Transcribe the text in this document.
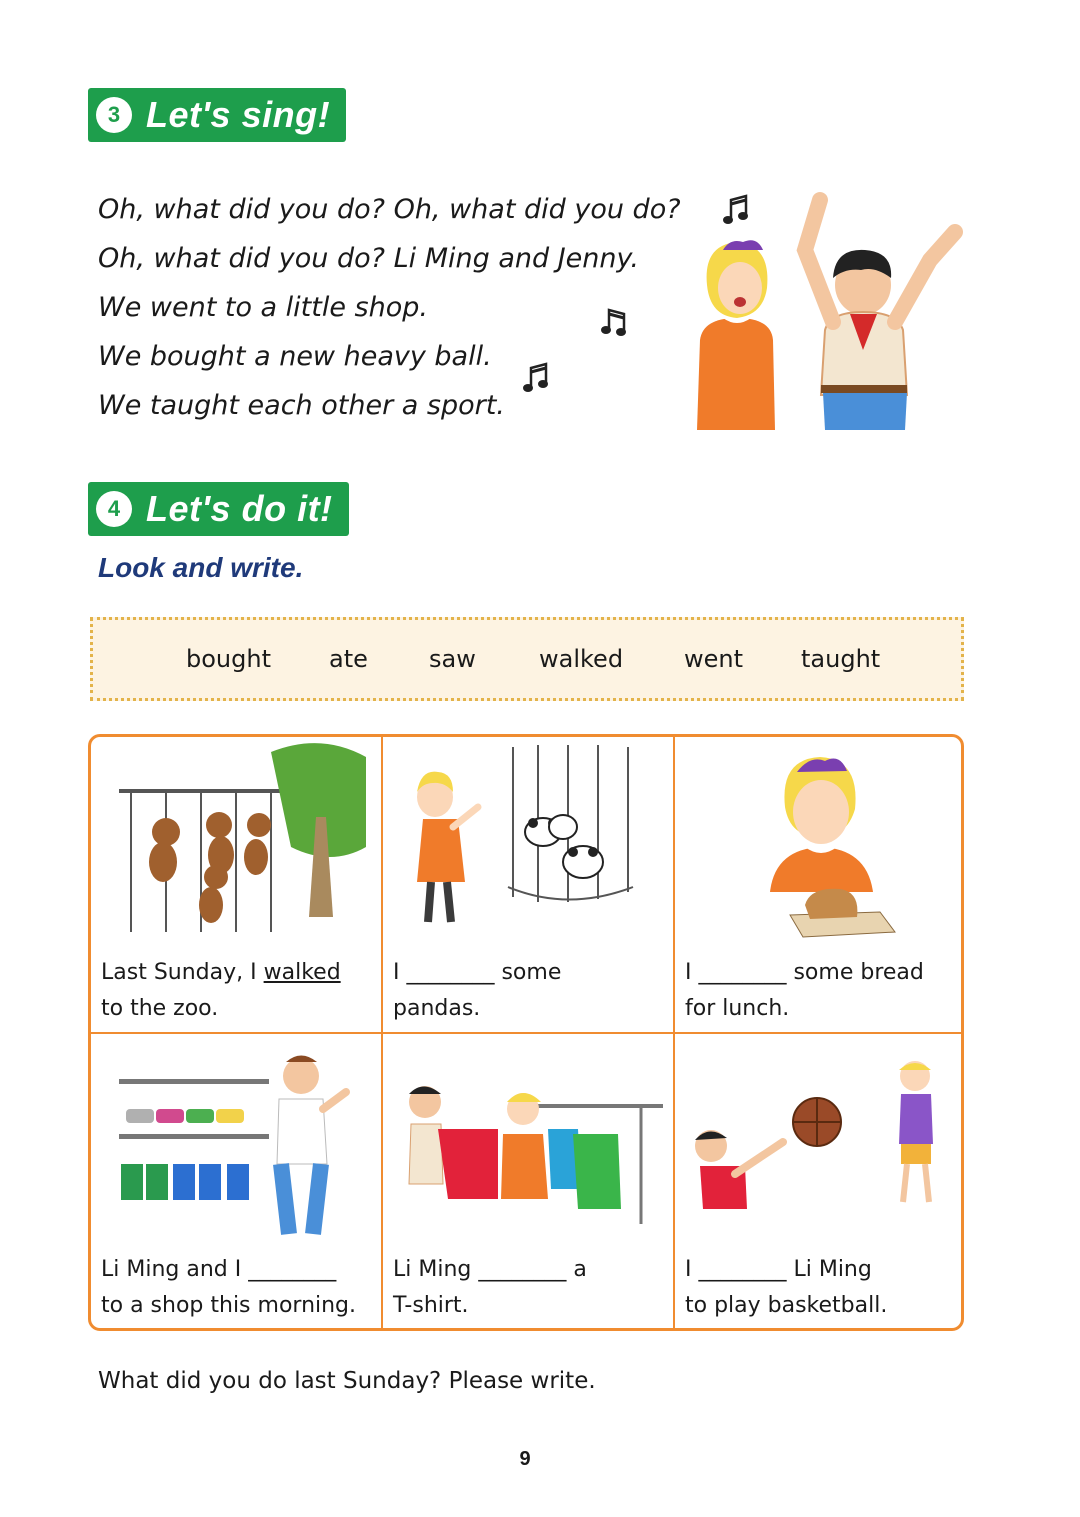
3 Let's sing!
Oh, what did you do? Oh, what did you do?
Oh, what did you do? Li Ming and Jenny.
We went to a little shop.
We bought a new heavy ball.
We taught each other a sport.
4 Let's do it!
Look and write.
bought ate	saw	walked	went taught
Last Sunday, I walked
to the zoo.
I ________ some
pandas.
I ________ some bread
for lunch.
Li Ming and I ________
to a shop this morning.
Li Ming ________ a
T-shirt.
I ________ Li Ming
to play basketball.
What did you do last Sunday? Please write.
9
